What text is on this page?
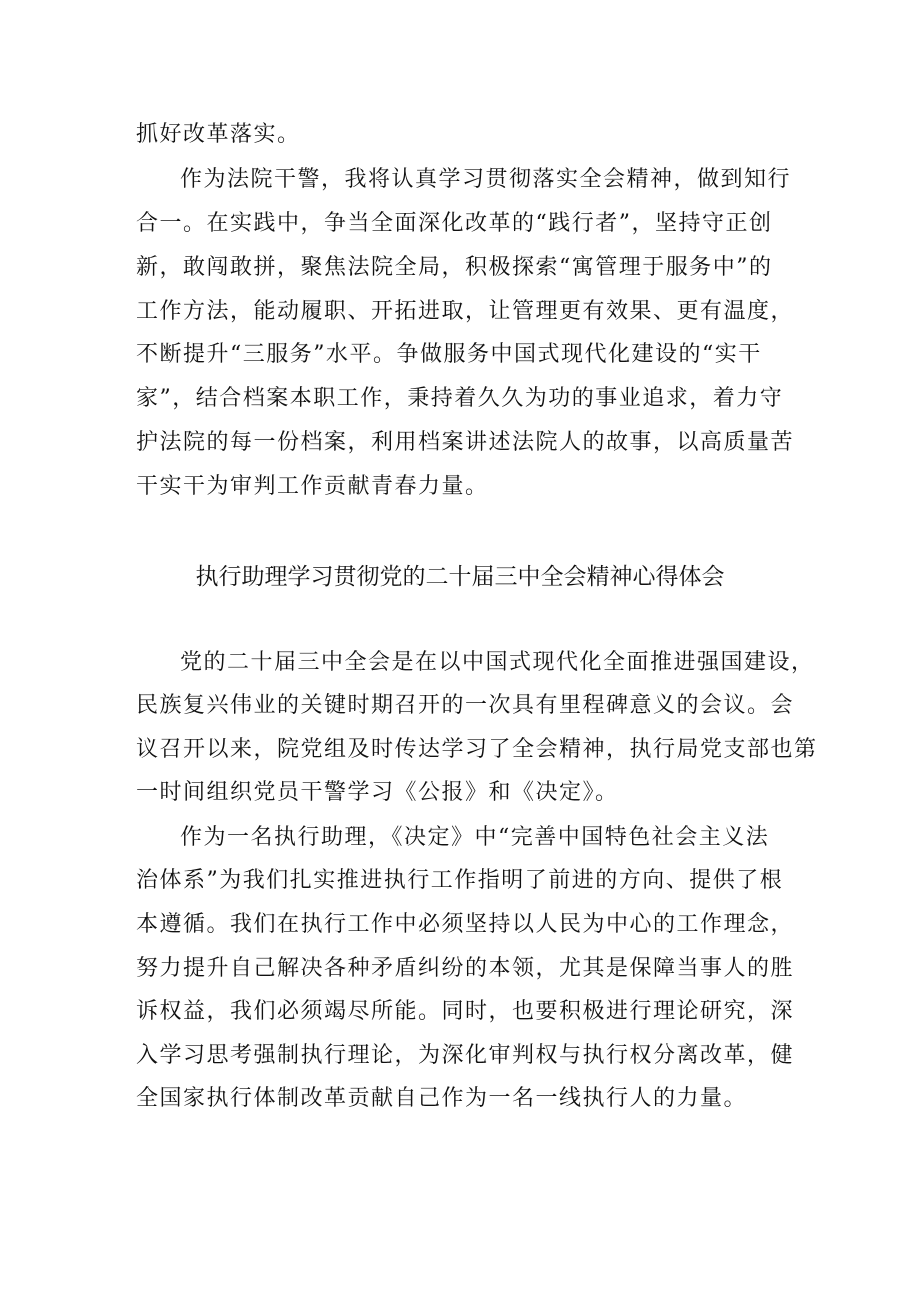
抓好改革落实。
作为法院干警，我将认真学习贯彻落实全会精神，做到知行
合一。在实践中，争当全面深化改革的“践行者”，坚持守正创
新，敢闯敢拼，聚焦法院全局，积极探索“寓管理于服务中”的
工作方法，能动履职、开拓进取，让管理更有效果、更有温度，
不断提升“三服务”水平。争做服务中国式现代化建设的“实干
家”，结合档案本职工作，秉持着久久为功的事业追求，着力守
护法院的每一份档案，利用档案讲述法院人的故事，以高质量苦
干实干为审判工作贡献青春力量。
执行助理学习贯彻党的二十届三中全会精神心得体会
党的二十届三中全会是在以中国式现代化全面推进强国建设，
民族复兴伟业的关键时期召开的一次具有里程碑意义的会议。会
议召开以来，院党组及时传达学习了全会精神，执行局党支部也第
一时间组织党员干警学习《公报》和《决定》。
作为一名执行助理，《决定》中“完善中国特色社会主义法
治体系”为我们扎实推进执行工作指明了前进的方向、提供了根
本遵循。我们在执行工作中必须坚持以人民为中心的工作理念，
努力提升自己解决各种矛盾纠纷的本领，尤其是保障当事人的胜
诉权益，我们必须竭尽所能。同时，也要积极进行理论研究，深
入学习思考强制执行理论，为深化审判权与执行权分离改革，健
全国家执行体制改革贡献自己作为一名一线执行人的力量。
